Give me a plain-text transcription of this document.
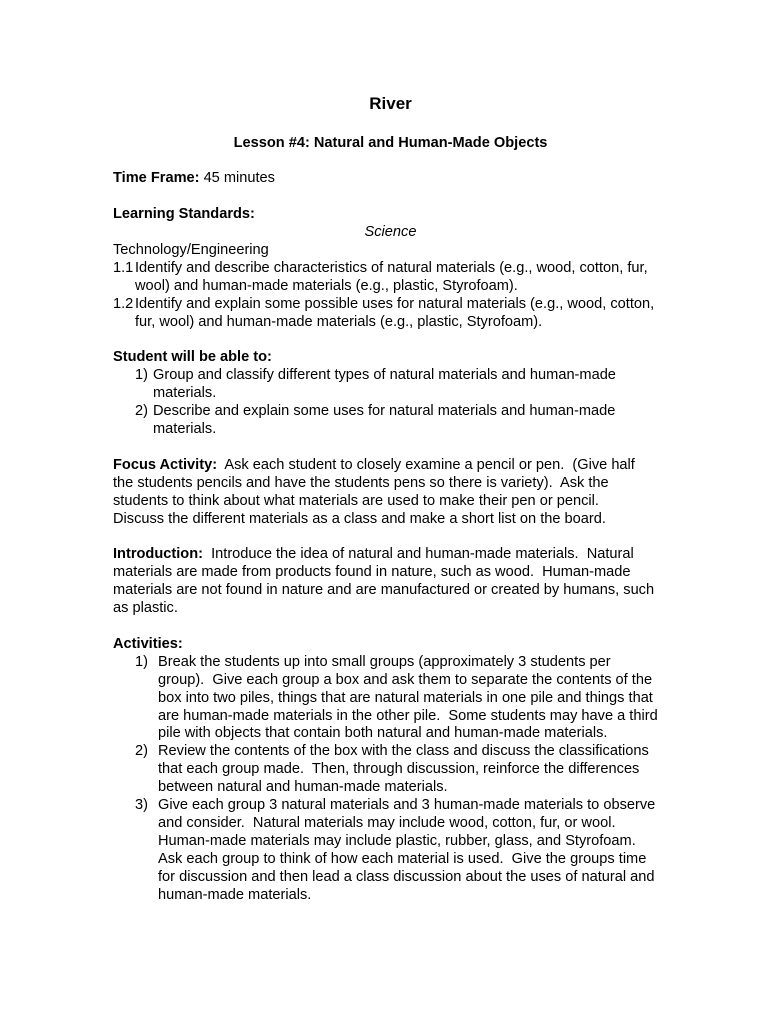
River
Lesson #4: Natural and Human-Made Objects

Time Frame: 45 minutes

Learning Standards:

Science

Technology/Engineering

1.1 Identify and describe characteristics of natural materials (e.g., wood, cotton, fur, wool) and human-made materials (e.g., plastic, Styrofoam).
1.2 Identify and explain some possible uses for natural materials (e.g., wood, cotton, fur, wool) and human-made materials (e.g., plastic, Styrofoam).

Student will be able to:

1) Group and classify different types of natural materials and human-made materials.
2) Describe and explain some uses for natural materials and human-made materials.

Focus Activity:  Ask each student to closely examine a pencil or pen.  (Give half the students pencils and have the students pens so there is variety).  Ask the students to think about what materials are used to make their pen or pencil.  Discuss the different materials as a class and make a short list on the board.

Introduction:  Introduce the idea of natural and human-made materials.  Natural materials are made from products found in nature, such as wood.  Human-made materials are not found in nature and are manufactured or created by humans, such as plastic.

Activities:

1) Break the students up into small groups (approximately 3 students per group).  Give each group a box and ask them to separate the contents of the box into two piles, things that are natural materials in one pile and things that are human-made materials in the other pile.  Some students may have a third pile with objects that contain both natural and human-made materials.
2) Review the contents of the box with the class and discuss the classifications that each group made.  Then, through discussion, reinforce the differences between natural and human-made materials.
3) Give each group 3 natural materials and 3 human-made materials to observe and consider.  Natural materials may include wood, cotton, fur, or wool.  Human-made materials may include plastic, rubber, glass, and Styrofoam.  Ask each group to think of how each material is used.  Give the groups time for discussion and then lead a class discussion about the uses of natural and human-made materials.
